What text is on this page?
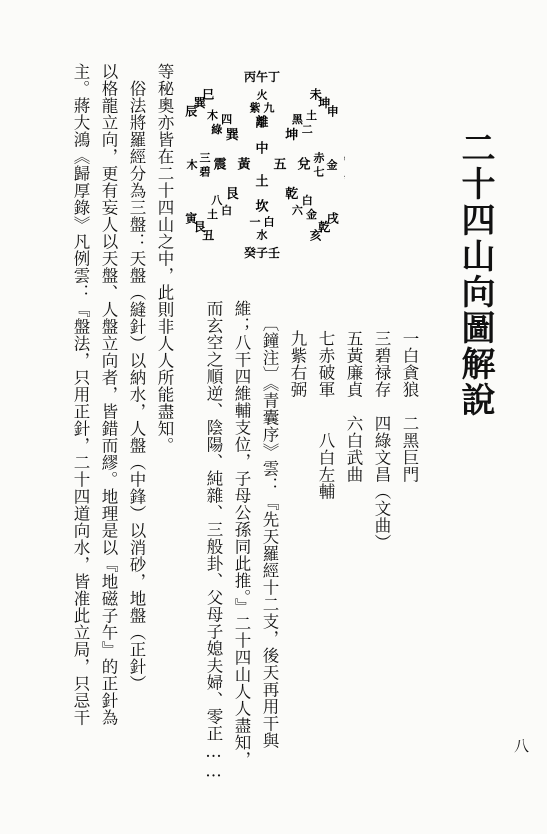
二十四山向圖解說
一白貪狼　二黑巨門
三碧禄存　四綠文昌（文曲）
五黃廉貞　六白武曲
七赤破軍　　八白左輔
九紫右弼
中
五
黃
土
坎
一 白
水
癸 子 壬
艮
八
白
土
寅
艮
丑
震
三
碧
木
巽
四
綠
木
巳
巽
辰
離
九
紫
火
丁
午
丙
坤 二
黑 土 申
坤
未
兌 七
赤
金
乾
六
白
金
亥
乾
戌
〔鐘注〕《青囊序》雲：『先天羅經十二支，後天再用干與
維；八干四維輔支位，子母公孫同此推。』二十四山人人盡知，
而玄空之順逆、陰陽、純雜、三般卦、父母子媳夫婦、零正……
等秘奧亦皆在二十四山之中，此則非人人所能盡知。
　俗法將羅經分為三盤：天盤（縫針）以納水，人盤（中鋒）以消砂，地盤（正針）
以格龍立向，更有妄人以天盤、人盤立向者，皆錯而繆。地理是以『地磁子午』的正針為
主。蔣大鴻《歸厚錄》凡例雲：『盤法，只用正針，二十四道向水，皆准此立局，只忌干
八
